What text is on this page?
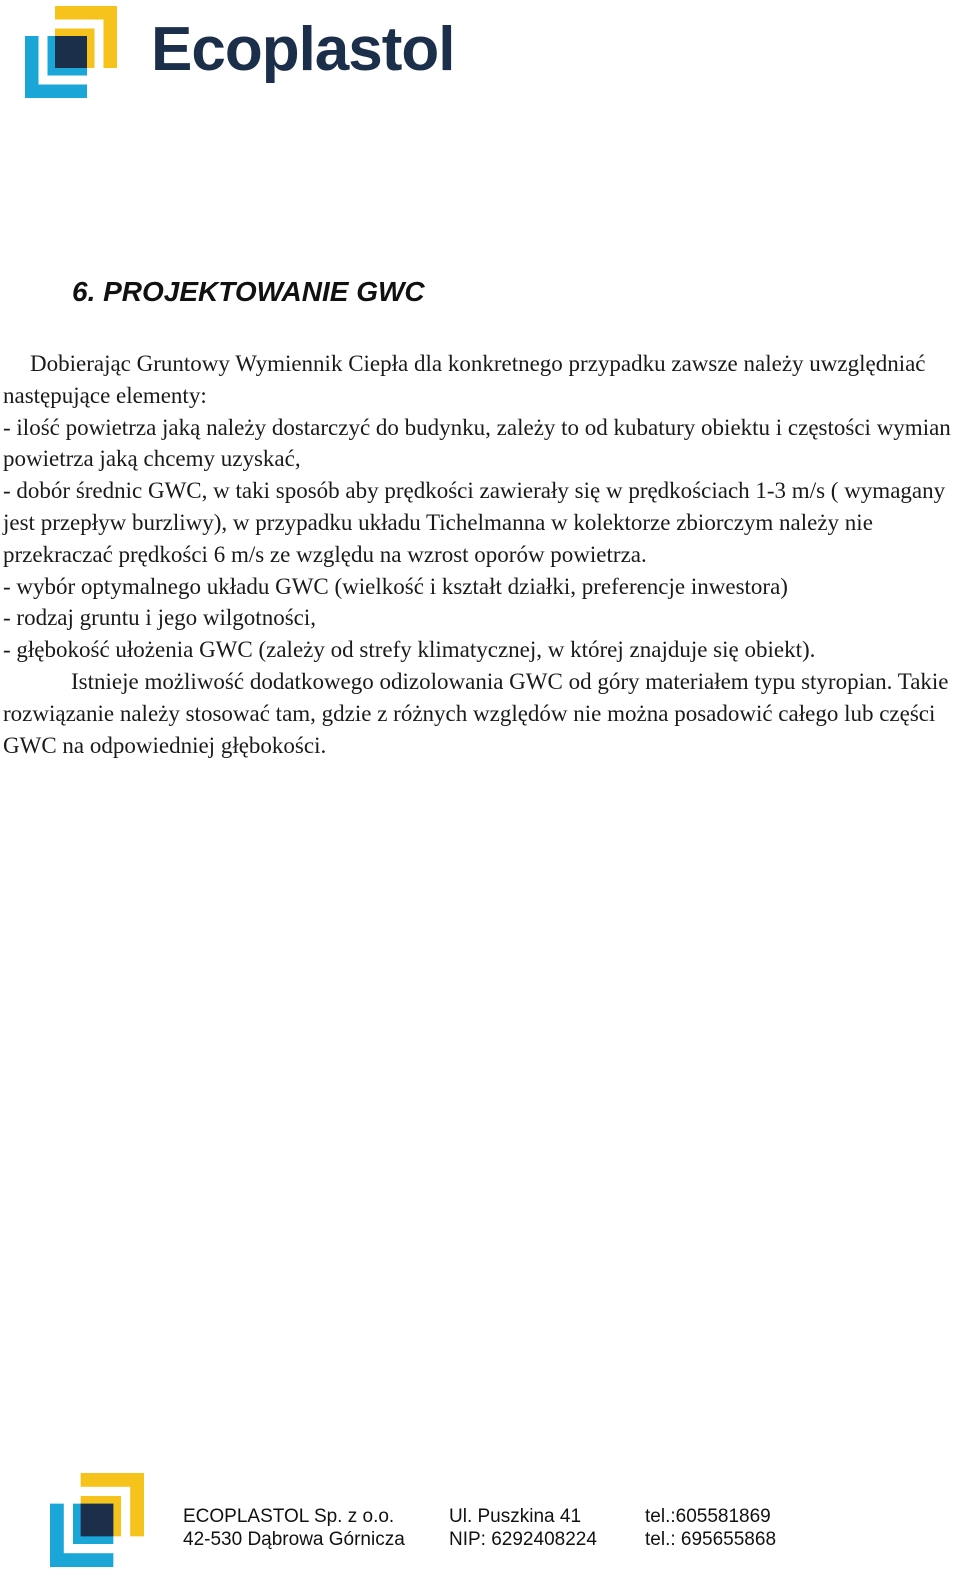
Ecoplastol
6. PROJEKTOWANIE GWC

Dobierając Gruntowy Wymiennik Ciepła dla konkretnego przypadku zawsze należy uwzględniać następujące elementy:

- ilość powietrza jaką należy dostarczyć do budynku, zależy to od kubatury obiektu i częstości wymian powietrza jaką chcemy uzyskać,

- dobór średnic GWC, w taki sposób aby prędkości zawierały się w prędkościach 1-3 m/s ( wymagany jest przepływ burzliwy), w przypadku układu Tichelmanna w kolektorze zbiorczym należy nie przekraczać prędkości 6 m/s ze względu na wzrost oporów powietrza.

- wybór optymalnego układu GWC (wielkość i kształt działki, preferencje inwestora)

- rodzaj gruntu i jego wilgotności,

- głębokość ułożenia GWC (zależy od strefy klimatycznej, w której znajduje się obiekt).

Istnieje możliwość dodatkowego odizolowania GWC od góry materiałem typu styropian. Takie rozwiązanie należy stosować tam, gdzie z różnych względów nie można posadowić całego lub części GWC na odpowiedniej głębokości.

ECOPLASTOL Sp. z o.o.
42-530 Dąbrowa Górnicza
Ul. Puszkina 41
NIP: 6292408224
tel.:605581869
tel.: 695655868
